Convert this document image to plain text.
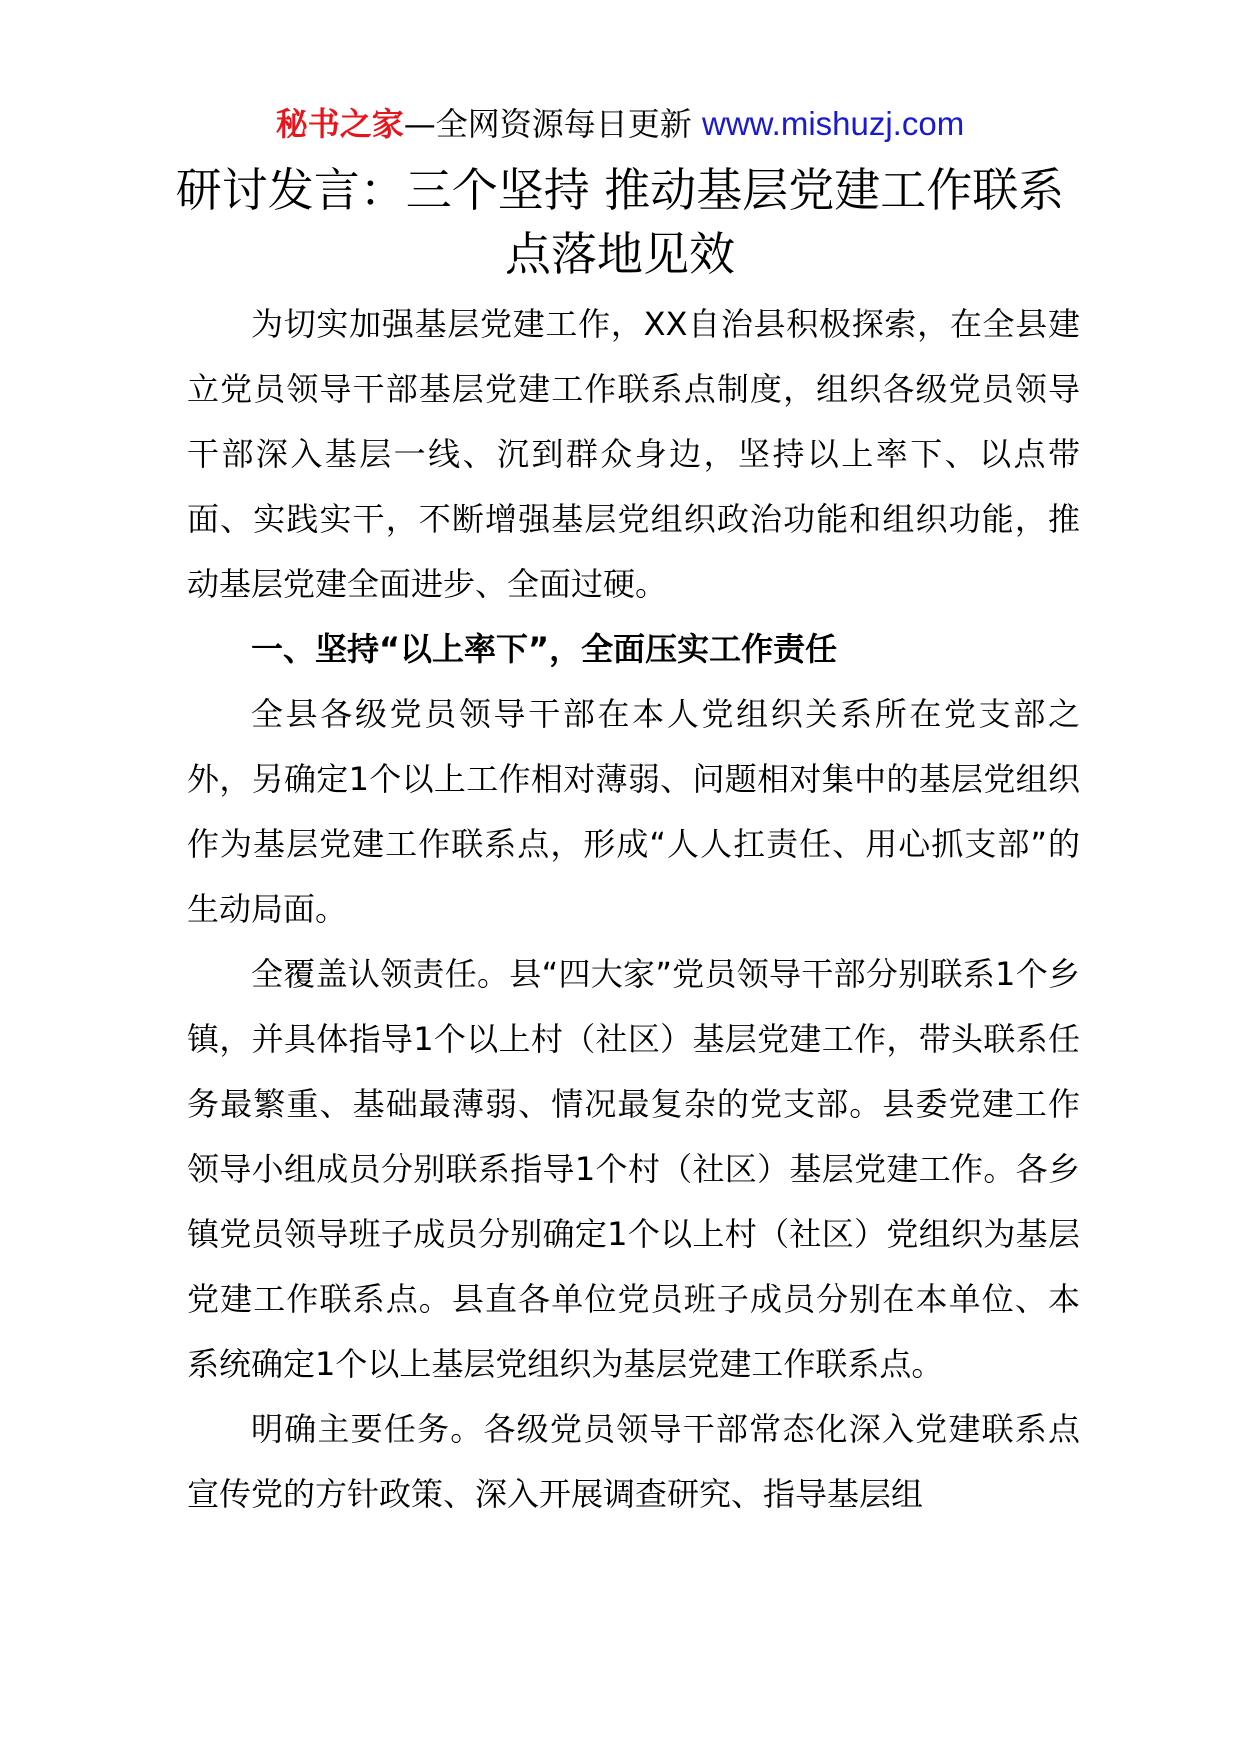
秘书之家—全网资源每日更新 www.mishuzj.com
研讨发言：三个坚持 推动基层党建工作联系点落地见效

为切实加强基层党建工作，XX自治县积极探索，在全县建立党员领导干部基层党建工作联系点制度，组织各级党员领导干部深入基层一线、沉到群众身边，坚持以上率下、以点带面、实践实干，不断增强基层党组织政治功能和组织功能，推动基层党建全面进步、全面过硬。

一、坚持“以上率下”，全面压实工作责任

全县各级党员领导干部在本人党组织关系所在党支部之外，另确定1个以上工作相对薄弱、问题相对集中的基层党组织作为基层党建工作联系点，形成“人人扛责任、用心抓支部”的生动局面。

全覆盖认领责任。县“四大家”党员领导干部分别联系1个乡镇，并具体指导1个以上村（社区）基层党建工作，带头联系任务最繁重、基础最薄弱、情况最复杂的党支部。县委党建工作领导小组成员分别联系指导1个村（社区）基层党建工作。各乡镇党员领导班子成员分别确定1个以上村（社区）党组织为基层党建工作联系点。县直各单位党员班子成员分别在本单位、本系统确定1个以上基层党组织为基层党建工作联系点。

明确主要任务。各级党员领导干部常态化深入党建联系点宣传党的方针政策、深入开展调查研究、指导基层组
